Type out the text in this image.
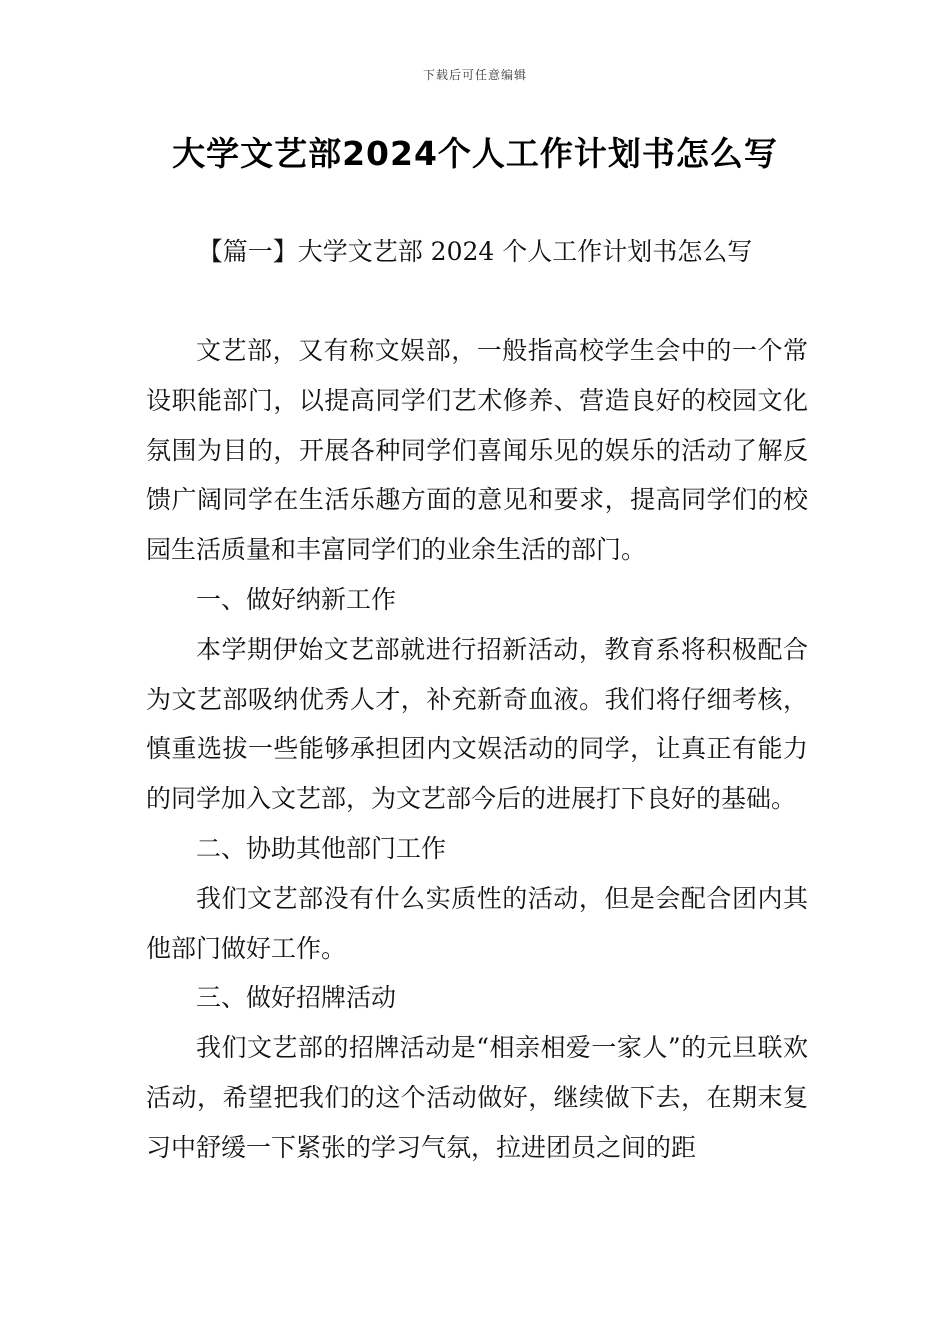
下载后可任意编辑
大学文艺部2024个人工作计划书怎么写
【篇一】大学文艺部 2024 个人工作计划书怎么写

文艺部，又有称文娱部，一般指高校学生会中的一个常设职能部门，以提高同学们艺术修养、营造良好的校园文化氛围为目的，开展各种同学们喜闻乐见的娱乐的活动了解反馈广阔同学在生活乐趣方面的意见和要求，提高同学们的校园生活质量和丰富同学们的业余生活的部门。

一、做好纳新工作

本学期伊始文艺部就进行招新活动，教育系将积极配合为文艺部吸纳优秀人才，补充新奇血液。我们将仔细考核，慎重选拔一些能够承担团内文娱活动的同学，让真正有能力的同学加入文艺部，为文艺部今后的进展打下良好的基础。

二、协助其他部门工作

我们文艺部没有什么实质性的活动，但是会配合团内其他部门做好工作。

三、做好招牌活动

我们文艺部的招牌活动是“相亲相爱一家人”的元旦联欢活动，希望把我们的这个活动做好，继续做下去，在期末复习中舒缓一下紧张的学习气氛，拉进团员之间的距
